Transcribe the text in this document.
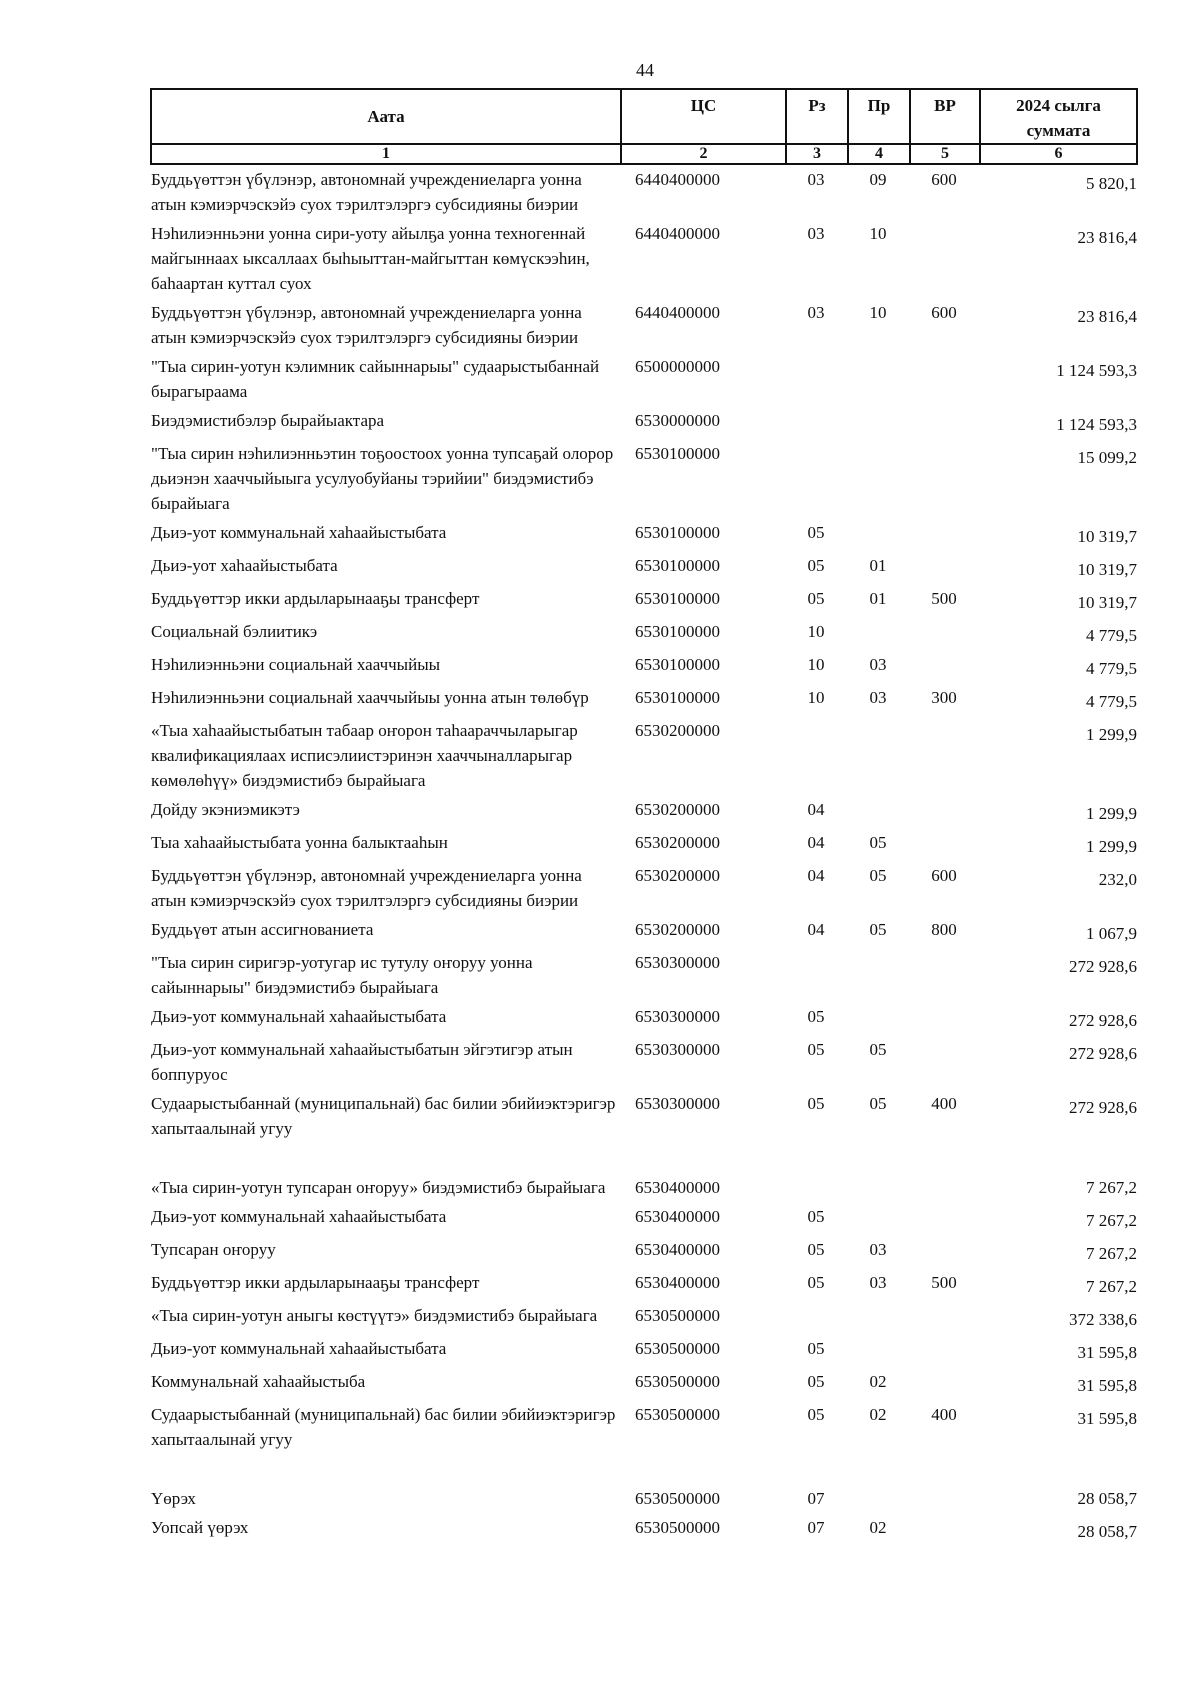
44
Аата	ЦС	Рз	Пр	ВР	2024 сылга суммата
1	2	3	4	5	6
Буддьүөттэн үбүлэнэр, автономнай учреждениеларга уонна атын кэмиэрчэскэйэ суох тэрилтэлэргэ субсидияны биэрии	6440400000	03	09	600	5 820,1
Нэһилиэнньэни уонна сири-уоту айылҕа уонна техногеннай майгыннаах ыксаллаах быһыыттан-майгыттан көмүскээһин, баһаартан куттал суох	6440400000	03	10		23 816,4
Буддьүөттэн үбүлэнэр, автономнай учреждениеларга уонна атын кэмиэрчэскэйэ суох тэрилтэлэргэ субсидияны биэрии	6440400000	03	10	600	23 816,4
"Тыа сирин-уотун кэлимник сайыннарыы" судаарыстыбаннай бырагыраама	6500000000				1 124 593,3
Биэдэмистибэлэр бырайыактара	6530000000				1 124 593,3
"Тыа сирин нэһилиэнньэтин тоҕоостоох уонна тупсаҕай олорор дьиэнэн хааччыйыыга усулуобуйаны тэрийии" биэдэмистибэ бырайыага	6530100000				15 099,2
Дьиэ-уот коммунальнай хаһаайыстыбата	6530100000	05			10 319,7
Дьиэ-уот хаһаайыстыбата	6530100000	05	01		10 319,7
Буддьүөттэр икки ардыларынааҕы трансферт	6530100000	05	01	500	10 319,7
Социальнай бэлиитикэ	6530100000	10			4 779,5
Нэһилиэнньэни социальнай хааччыйыы	6530100000	10	03		4 779,5
Нэһилиэнньэни социальнай хааччыйыы уонна атын төлөбүр	6530100000	10	03	300	4 779,5
«Тыа хаһаайыстыбатын табаар оҥорон таһаараччыларыгар квалификациялаах исписэлиистэринэн хааччыналларыгар көмөлөһүү» биэдэмистибэ бырайыага	6530200000				1 299,9
Дойду экэниэмикэтэ	6530200000	04			1 299,9
Тыа хаһаайыстыбата уонна балыктааһын	6530200000	04	05		1 299,9
Буддьүөттэн үбүлэнэр, автономнай учреждениеларга уонна атын кэмиэрчэскэйэ суох тэрилтэлэргэ субсидияны биэрии	6530200000	04	05	600	232,0
Буддьүөт атын ассигнованиета	6530200000	04	05	800	1 067,9
"Тыа сирин сиригэр-уотугар ис тутулу оҥоруу уонна сайыннарыы" биэдэмистибэ бырайыага	6530300000				272 928,6
Дьиэ-уот коммунальнай хаһаайыстыбата	6530300000	05			272 928,6
Дьиэ-уот коммунальнай хаһаайыстыбатын эйгэтигэр атын боппуруос	6530300000	05	05		272 928,6
Судаарыстыбаннай (муниципальнай) бас билии эбийиэктэригэр хапытаалынай угуу	6530300000	05	05	400	272 928,6
«Тыа сирин-уотун тупсаран оҥоруу» биэдэмистибэ бырайыага	6530400000				7 267,2
Дьиэ-уот коммунальнай хаһаайыстыбата	6530400000	05			7 267,2
Тупсаран оҥоруу	6530400000	05	03		7 267,2
Буддьүөттэр икки ардыларынааҕы трансферт	6530400000	05	03	500	7 267,2
«Тыа сирин-уотун аныгы көстүүтэ» биэдэмистибэ бырайыага	6530500000				372 338,6
Дьиэ-уот коммунальнай хаһаайыстыбата	6530500000	05			31 595,8
Коммунальнай хаһаайыстыба	6530500000	05	02		31 595,8
Судаарыстыбаннай (муниципальнай) бас билии эбийиэктэригэр хапытаалынай угуу	6530500000	05	02	400	31 595,8
Үөрэх	6530500000	07			28 058,7
Уопсай үөрэх	6530500000	07	02		28 058,7
